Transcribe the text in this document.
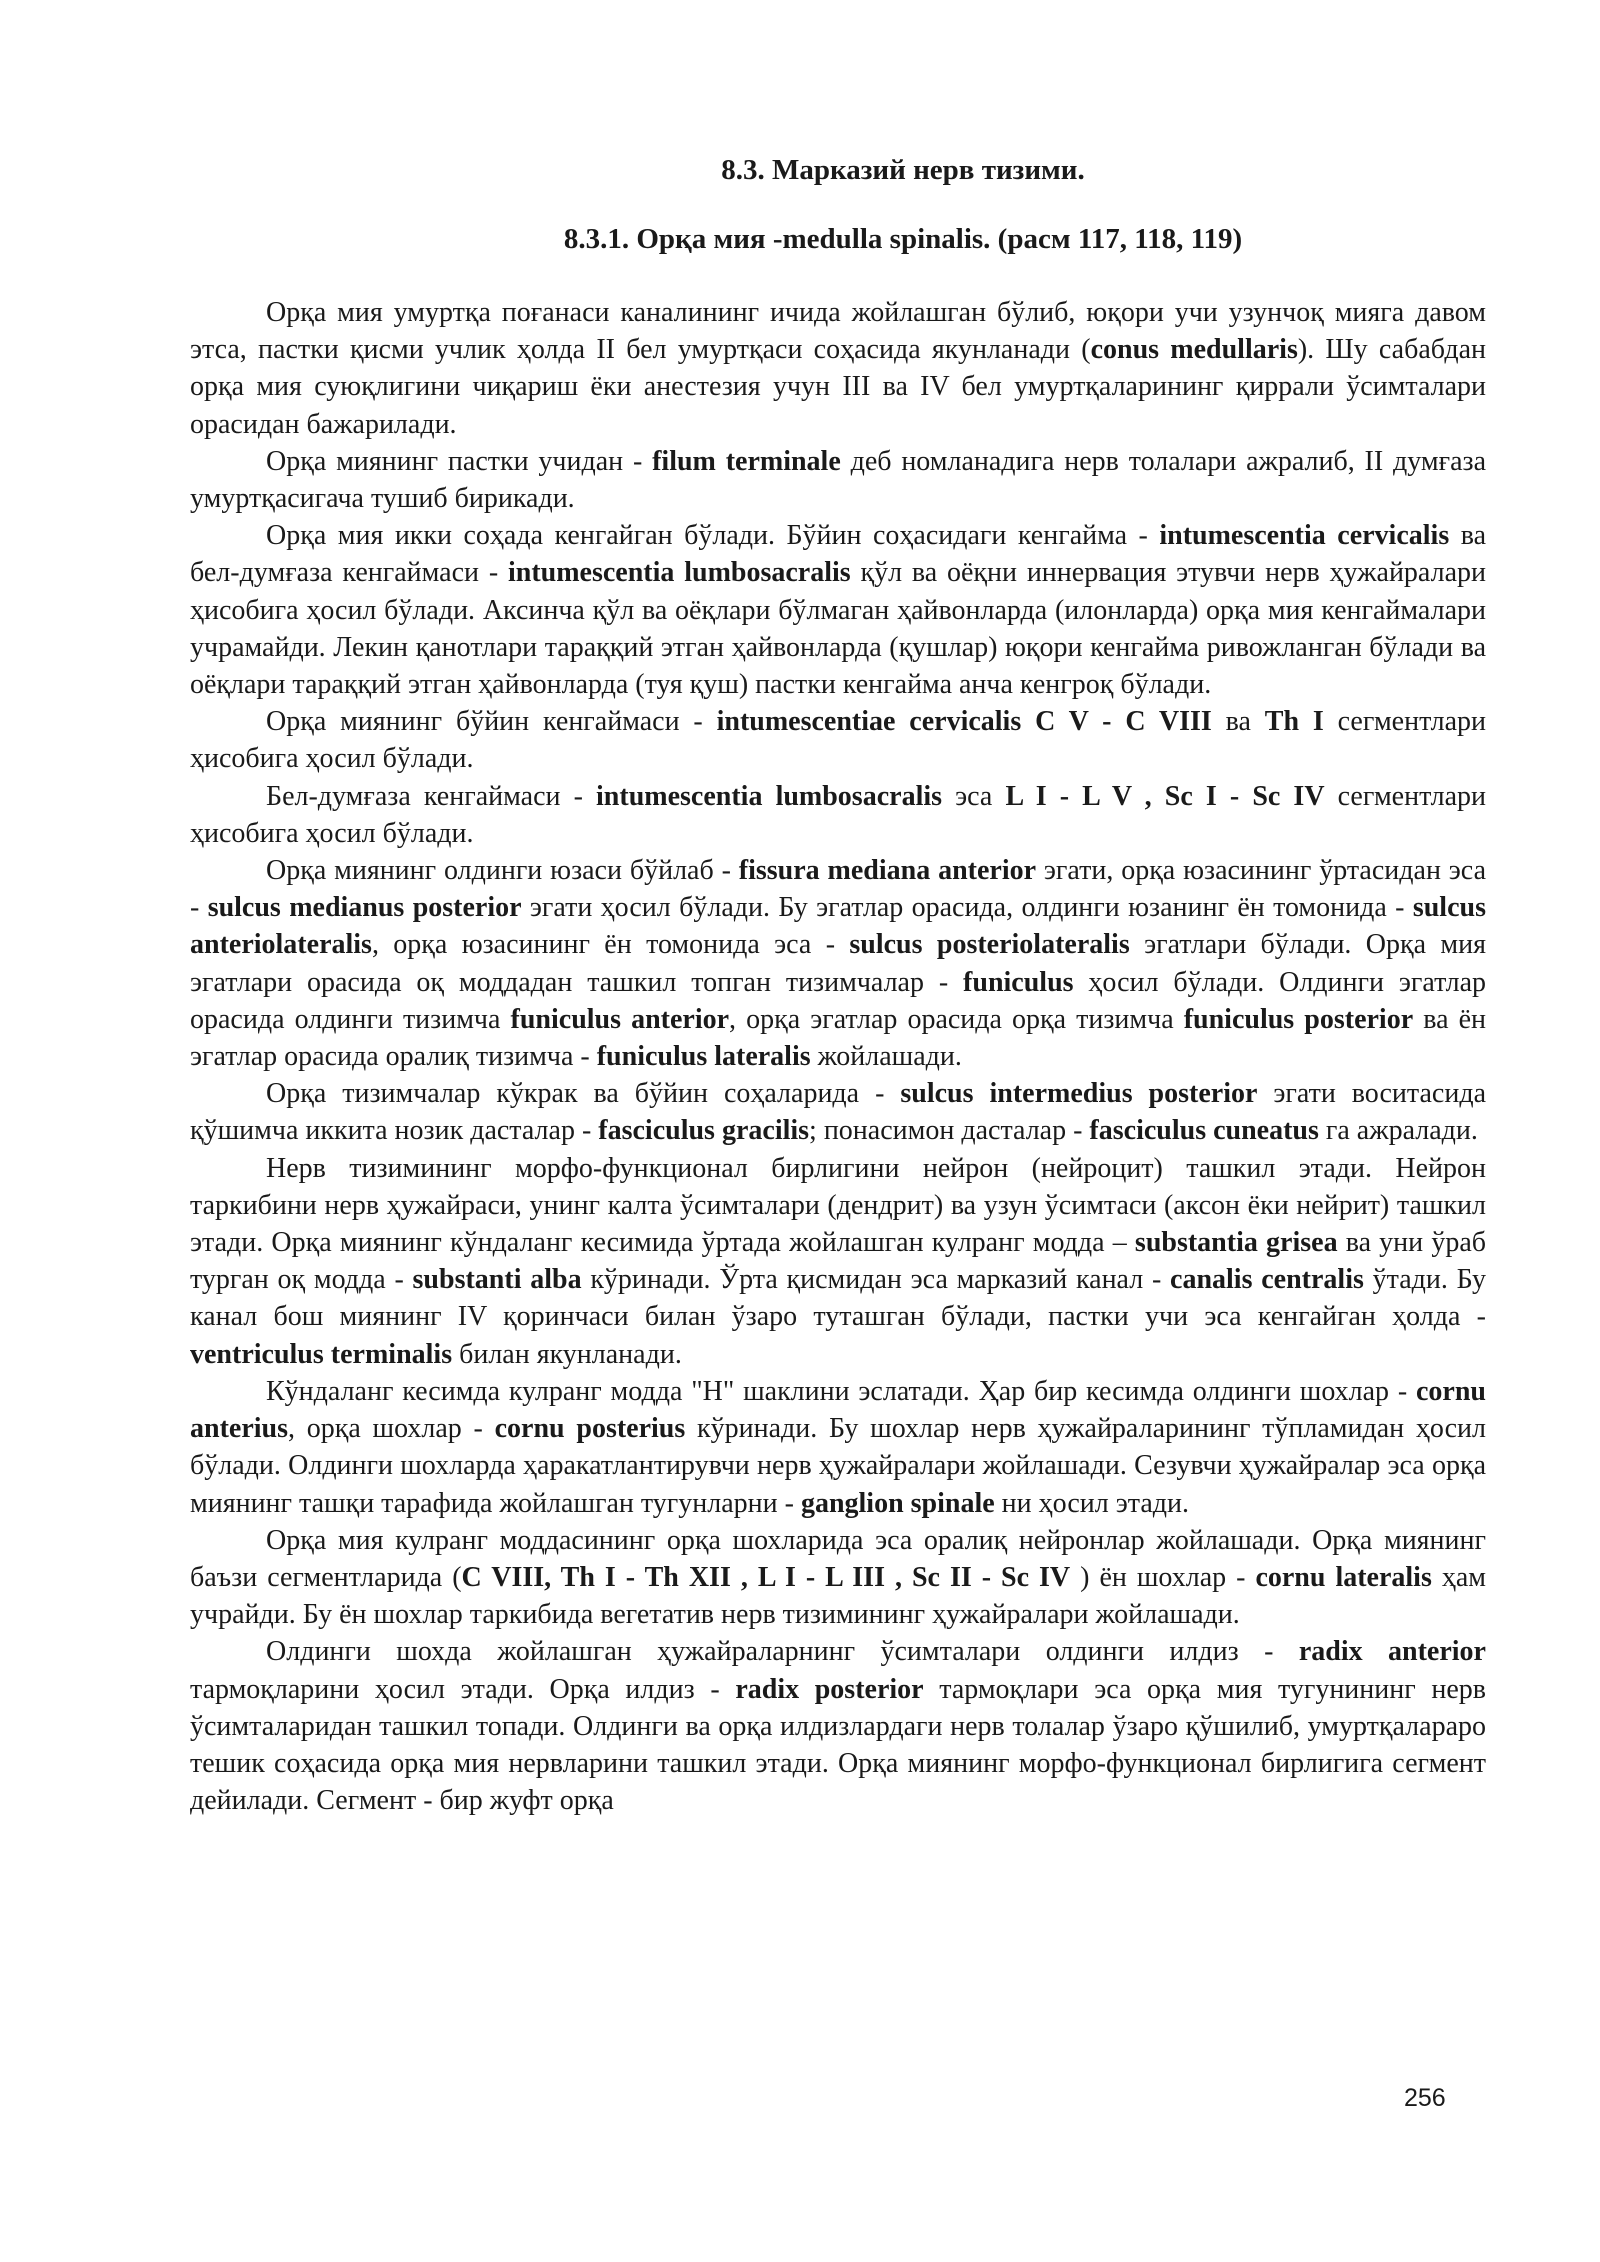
8.3. Марказий нерв тизими.
8.3.1. Орқа мия -medulla spinalis. (расм 117, 118, 119)

Орқа мия умуртқа поғанаси каналининг ичида жойлашган бўлиб, юқори учи узунчоқ мияга давом этса, пастки қисми учлик ҳолда II бел умуртқаси соҳасида якунланади (conus medullaris). Шу сабабдан орқа мия суюқлигини чиқариш ёки анестезия учун III ва IV бел умуртқаларининг қиррали ўсимталари орасидан бажарилади.

Орқа миянинг пастки учидан - filum terminale деб номланадига нерв толалари ажралиб, II думғаза умуртқасигача тушиб бирикади.

Орқа мия икки соҳада кенгайган бўлади. Бўйин соҳасидаги кенгайма - intumescentia cervicalis ва бел-думғаза кенгаймаси - intumescentia lumbosacralis қўл ва оёқни иннервация этувчи нерв ҳужайралари ҳисобига ҳосил бўлади. Аксинча қўл ва оёқлари бўлмаган ҳайвонларда (илонларда) орқа мия кенгаймалари учрамайди. Лекин қанотлари тараққий этган ҳайвонларда (қушлар) юқори кенгайма ривожланган бўлади ва оёқлари тараққий этган ҳайвонларда (туя қуш) пастки кенгайма анча кенгроқ бўлади.

Орқа миянинг бўйин кенгаймаси - intumescentiae cervicalis C V - C VIII ва Th I сегментлари ҳисобига ҳосил бўлади.

Бел-думғаза кенгаймаси - intumescentia lumbosacralis эса L I - L V , Sc I - Sc IV сегментлари ҳисобига ҳосил бўлади.

Орқа миянинг олдинги юзаси бўйлаб - fissura mediana anterior эгати, орқа юзасининг ўртасидан эса - sulcus medianus posterior эгати ҳосил бўлади. Бу эгатлар орасида, олдинги юзанинг ён томонида - sulcus anteriolateralis, орқа юзасининг ён томонида эса - sulcus posteriolateralis эгатлари бўлади. Орқа мия эгатлари орасида оқ моддадан ташкил топган тизимчалар - funiculus ҳосил бўлади. Олдинги эгатлар орасида олдинги тизимча funiculus anterior, орқа эгатлар орасида орқа тизимча funiculus posterior ва ён эгатлар орасида оралиқ тизимча - funiculus lateralis жойлашади.

Орқа тизимчалар кўкрак ва бўйин соҳаларида - sulcus intermedius posterior эгати воситасида қўшимча иккита нозик дасталар - fasciculus gracilis; понасимон дасталар - fasciculus cuneatus га ажралади.

Нерв тизимининг морфо-функционал бирлигини нейрон (нейроцит) ташкил этади. Нейрон таркибини нерв ҳужайраси, унинг калта ўсимталари (дендрит) ва узун ўсимтаси (аксон ёки нейрит) ташкил этади. Орқа миянинг кўндаланг кесимида ўртада жойлашган кулранг модда – substantia grisea ва уни ўраб турган оқ модда - substanti alba кўринади. Ўрта қисмидан эса марказий канал - canalis centralis ўтади. Бу канал бош миянинг IV қоринчаси билан ўзаро туташган бўлади, пастки учи эса кенгайган ҳолда - ventriculus terminalis билан якунланади.

Кўндаланг кесимда кулранг модда "H" шаклини эслатади. Ҳар бир кесимда олдинги шохлар - cornu anterius, орқа шохлар - cornu posterius кўринади. Бу шохлар нерв ҳужайраларининг тўпламидан ҳосил бўлади. Олдинги шохларда ҳаракатлантирувчи нерв ҳужайралари жойлашади. Сезувчи ҳужайралар эса орқа миянинг ташқи тарафида жойлашган тугунларни - ganglion spinale ни ҳосил этади.

Орқа мия кулранг моддасининг орқа шохларида эса оралиқ нейронлар жойлашади. Орқа миянинг баъзи сегментларида (C VIII, Th I - Th XII , L I - L III , Sc II - Sc IV ) ён шохлар - cornu lateralis ҳам учрайди. Бу ён шохлар таркибида вегетатив нерв тизимининг ҳужайралари жойлашади.

Олдинги шохда жойлашган ҳужайраларнинг ўсимталари олдинги илдиз - radix anterior тармоқларини ҳосил этади. Орқа илдиз - radix posterior тармоқлари эса орқа мия тугунининг нерв ўсимталаридан ташкил топади. Олдинги ва орқа илдизлардаги нерв толалар ўзаро қўшилиб, умуртқалараро тешик соҳасида орқа мия нервларини ташкил этади. Орқа миянинг морфо-функционал бирлигига сегмент дейилади. Сегмент - бир жуфт орқа

256
